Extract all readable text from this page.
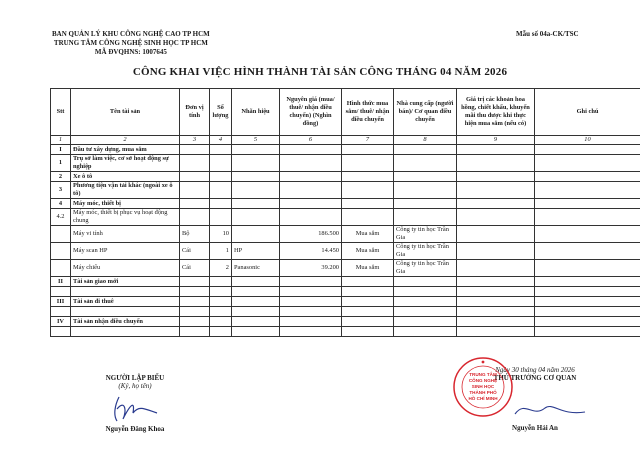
BAN QUẢN LÝ KHU CÔNG NGHỆ CAO TP HCM
TRUNG TÂM CÔNG NGHỆ SINH HỌC TP HCM
MÃ ĐVQHNS: 1007645
Mẫu số 04a-CK/TSC
CÔNG KHAI VIỆC HÌNH THÀNH TÀI SẢN CÔNG THÁNG 04 NĂM 2026
Stt	Tên tài sản	Đơn vị tính	Số lượng	Nhãn hiệu	Nguyên giá (mua/ thuê/ nhận điều chuyển) (Nghìn đồng)	Hình thức mua sắm/ thuê/ nhận điều chuyển	Nhà cung cấp (người bán)/ Cơ quan điều chuyển	Giá trị các khoản hoa hồng, chiết khấu, khuyến mãi thu được khi thực hiện mua sắm (nếu có)	Ghi chú
1	2	3	4	5	6	7	8	9	10
I	Đầu tư xây dựng, mua sắm								
1	Trụ sở làm việc, cơ sở hoạt động sự nghiệp								
2	Xe ô tô								
3	Phương tiện vận tải khác (ngoài xe ô tô)								
4	Máy móc, thiết bị								
4.2	Máy móc, thiết bị phục vụ hoạt động chung								
	Máy vi tính	Bộ	10		186.500	Mua sắm	Công ty tin học Trần Gia		
	Máy scan HP	Cái	1	HP	14.450	Mua sắm	Công ty tin học Trần Gia		
	Máy chiếu	Cái	2	Panasonic	39.200	Mua sắm	Công ty tin học Trần Gia		
II	Tài sản giao mới								

III	Tài sản đi thuê								

IV	Tài sản nhận điều chuyển								

NGƯỜI LẬP BIỂU
(Ký, họ tên)
Nguyễn Đăng Khoa
Ngày 30 tháng 04 năm 2026
THỦ TRƯỞNG CƠ QUAN
Nguyễn Hải An
TRUNG TÂM
CÔNG NGHỆ
SINH HỌC
THÀNH PHỐ
HỒ CHÍ MINH
